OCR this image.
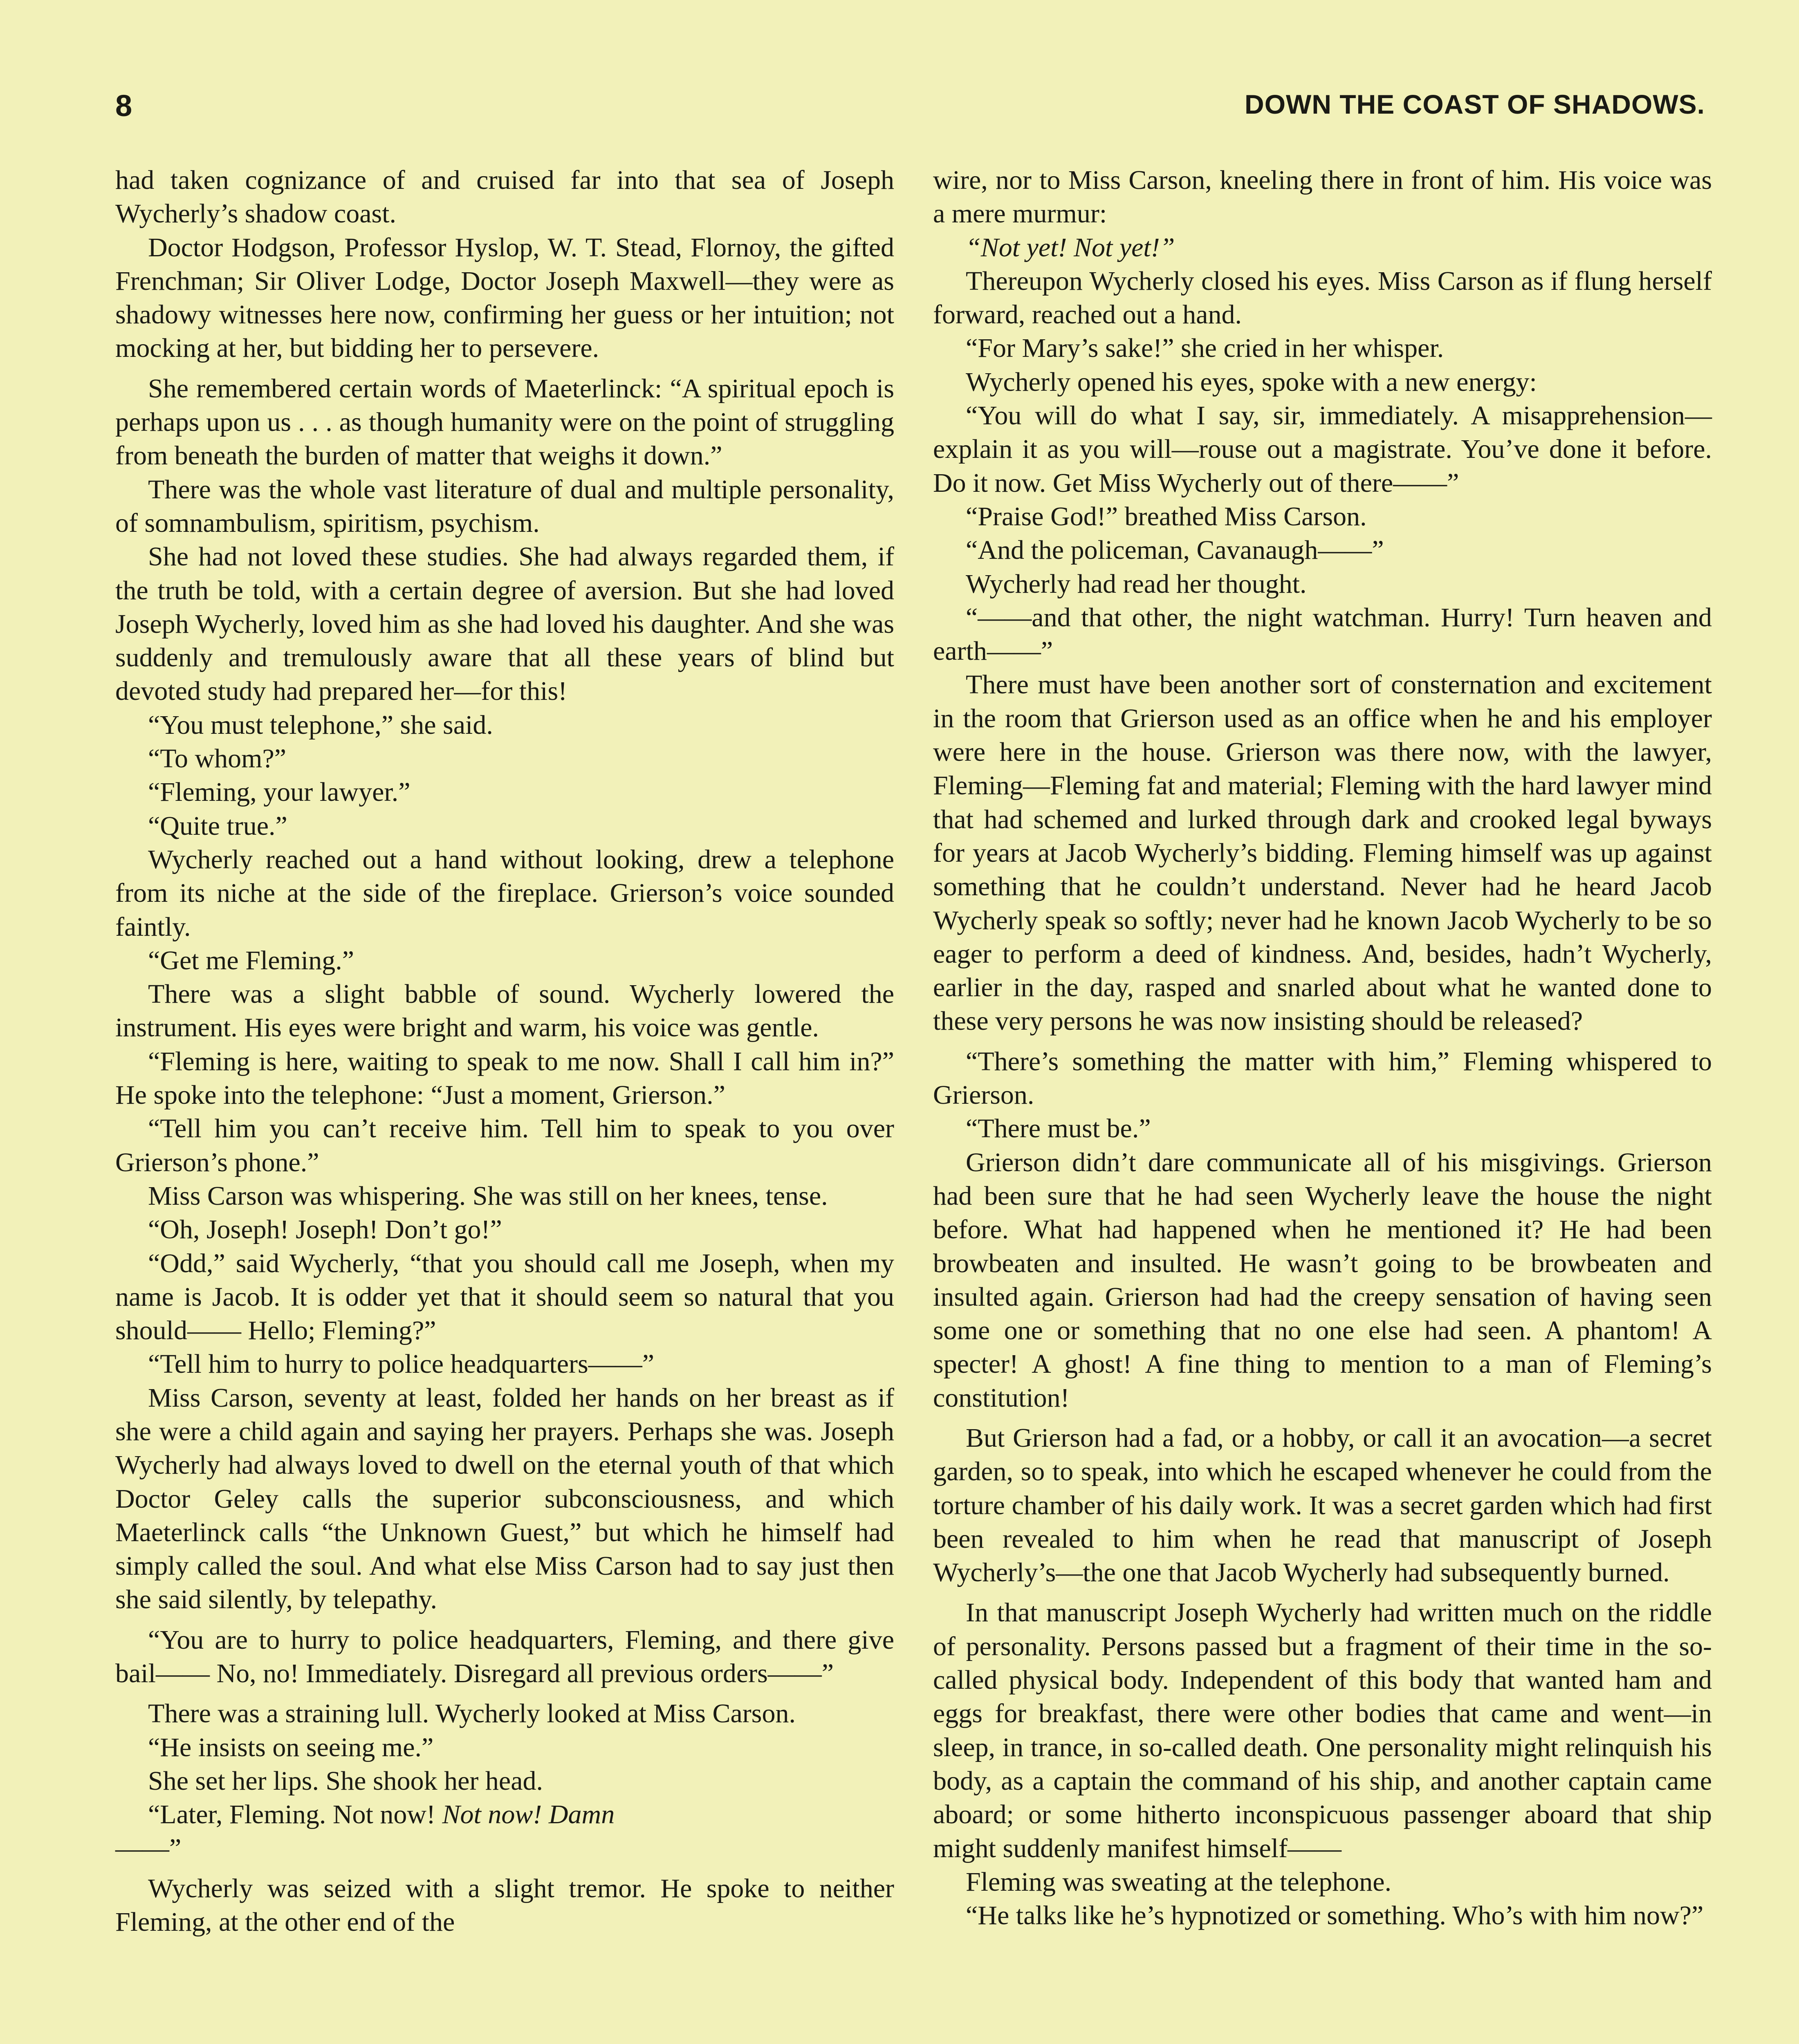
8	DOWN THE COAST OF SHADOWS.

had taken cognizance of and cruised far into that sea of Joseph Wycherly’s shadow coast.

Doctor Hodgson, Professor Hyslop, W. T. Stead, Flornoy, the gifted Frenchman; Sir Oliver Lodge, Doctor Joseph Maxwell—they were as shadowy witnesses here now, confirming her guess or her intuition; not mocking at her, but bidding her to persevere.

She remembered certain words of Maeterlinck: “A spiritual epoch is perhaps upon us . . . as though humanity were on the point of struggling from beneath the burden of matter that weighs it down.”

There was the whole vast literature of dual and multiple personality, of somnambulism, spiritism, psychism.

She had not loved these studies. She had always regarded them, if the truth be told, with a certain degree of aversion. But she had loved Joseph Wycherly, loved him as she had loved his daughter. And she was suddenly and tremulously aware that all these years of blind but devoted study had prepared her—for this!

“You must telephone,” she said.

“To whom?”

“Fleming, your lawyer.”

“Quite true.”

Wycherly reached out a hand without looking, drew a telephone from its niche at the side of the fireplace. Grierson’s voice sounded faintly.

“Get me Fleming.”

There was a slight babble of sound. Wycherly lowered the instrument. His eyes were bright and warm, his voice was gentle.

“Fleming is here, waiting to speak to me now. Shall I call him in?” He spoke into the telephone: “Just a moment, Grierson.”

“Tell him you can’t receive him. Tell him to speak to you over Grierson’s phone.”

Miss Carson was whispering. She was still on her knees, tense.

“Oh, Joseph! Joseph! Don’t go!”

“Odd,” said Wycherly, “that you should call me Joseph, when my name is Jacob. It is odder yet that it should seem so natural that you should—— Hello; Fleming?”

“Tell him to hurry to police headquarters——”

Miss Carson, seventy at least, folded her hands on her breast as if she were a child again and saying her prayers. Perhaps she was. Joseph Wycherly had always loved to dwell on the eternal youth of that which Doctor Geley calls the superior subconsciousness, and which Maeterlinck calls “the Unknown Guest,” but which he himself had simply called the soul. And what else Miss Carson had to say just then she said silently, by telepathy.

“You are to hurry to police headquarters, Fleming, and there give bail—— No, no! Immediately. Disregard all previous orders——”

There was a straining lull. Wycherly looked at Miss Carson.

“He insists on seeing me.”

She set her lips. She shook her head.

“Later, Fleming. Not now! Not now! Damn
——”

Wycherly was seized with a slight tremor. He spoke to neither Fleming, at the other end of the

wire, nor to Miss Carson, kneeling there in front of him. His voice was a mere murmur:

“Not yet! Not yet!”

Thereupon Wycherly closed his eyes. Miss Carson as if flung herself forward, reached out a hand.

“For Mary’s sake!” she cried in her whisper.

Wycherly opened his eyes, spoke with a new energy:

“You will do what I say, sir, immediately. A misapprehension—explain it as you will—rouse out a magistrate. You’ve done it before. Do it now. Get Miss Wycherly out of there——”

“Praise God!” breathed Miss Carson.

“And the policeman, Cavanaugh——”

Wycherly had read her thought.

“——and that other, the night watchman. Hurry! Turn heaven and earth——”

There must have been another sort of consternation and excitement in the room that Grierson used as an office when he and his employer were here in the house. Grierson was there now, with the lawyer, Fleming—Fleming fat and material; Fleming with the hard lawyer mind that had schemed and lurked through dark and crooked legal byways for years at Jacob Wycherly’s bidding. Fleming himself was up against something that he couldn’t understand. Never had he heard Jacob Wycherly speak so softly; never had he known Jacob Wycherly to be so eager to perform a deed of kindness. And, besides, hadn’t Wycherly, earlier in the day, rasped and snarled about what he wanted done to these very persons he was now insisting should be released?

“There’s something the matter with him,” Fleming whispered to Grierson.

“There must be.”

Grierson didn’t dare communicate all of his misgivings. Grierson had been sure that he had seen Wycherly leave the house the night before. What had happened when he mentioned it? He had been browbeaten and insulted. He wasn’t going to be browbeaten and insulted again. Grierson had had the creepy sensation of having seen some one or something that no one else had seen. A phantom! A specter! A ghost! A fine thing to mention to a man of Fleming’s constitution!

But Grierson had a fad, or a hobby, or call it an avocation—a secret garden, so to speak, into which he escaped whenever he could from the torture chamber of his daily work. It was a secret garden which had first been revealed to him when he read that manuscript of Joseph Wycherly’s—the one that Jacob Wycherly had subsequently burned.

In that manuscript Joseph Wycherly had written much on the riddle of personality. Persons passed but a fragment of their time in the so-called physical body. Independent of this body that wanted ham and eggs for breakfast, there were other bodies that came and went—in sleep, in trance, in so-called death. One personality might relinquish his body, as a captain the command of his ship, and another captain came aboard; or some hitherto inconspicuous passenger aboard that ship might suddenly manifest himself——

Fleming was sweating at the telephone.

“He talks like he’s hypnotized or something. Who’s with him now?”
